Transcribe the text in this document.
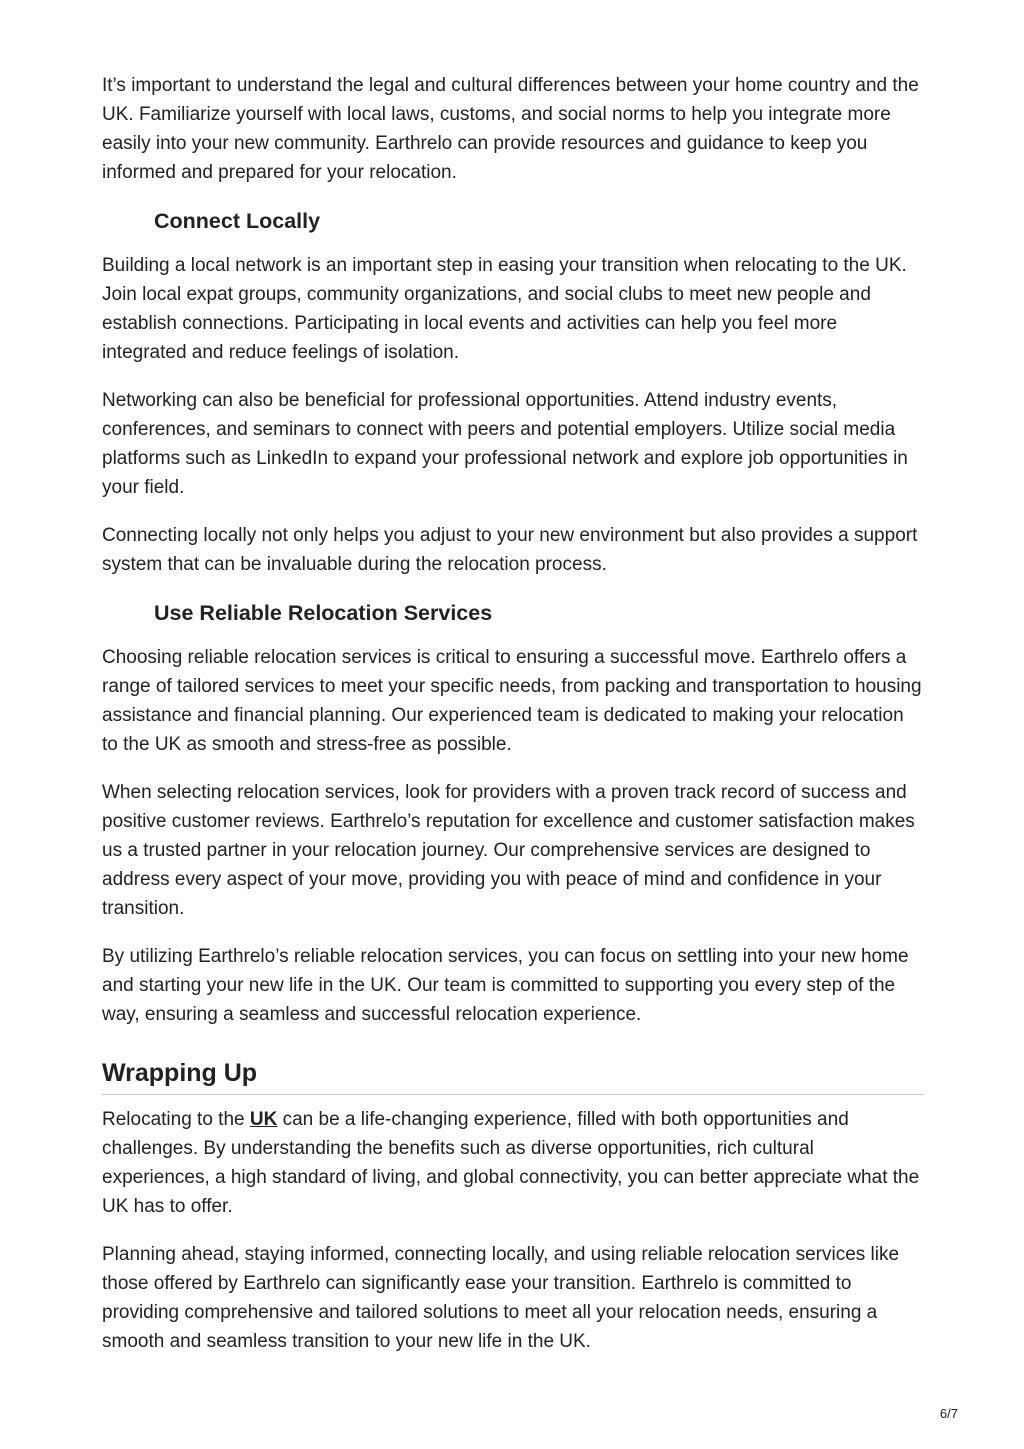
It’s important to understand the legal and cultural differences between your home country and the UK. Familiarize yourself with local laws, customs, and social norms to help you integrate more easily into your new community. Earthrelo can provide resources and guidance to keep you informed and prepared for your relocation.

Connect Locally

Building a local network is an important step in easing your transition when relocating to the UK. Join local expat groups, community organizations, and social clubs to meet new people and establish connections. Participating in local events and activities can help you feel more integrated and reduce feelings of isolation.

Networking can also be beneficial for professional opportunities. Attend industry events, conferences, and seminars to connect with peers and potential employers. Utilize social media platforms such as LinkedIn to expand your professional network and explore job opportunities in your field.

Connecting locally not only helps you adjust to your new environment but also provides a support system that can be invaluable during the relocation process.

Use Reliable Relocation Services

Choosing reliable relocation services is critical to ensuring a successful move. Earthrelo offers a range of tailored services to meet your specific needs, from packing and transportation to housing assistance and financial planning. Our experienced team is dedicated to making your relocation to the UK as smooth and stress-free as possible.

When selecting relocation services, look for providers with a proven track record of success and positive customer reviews. Earthrelo’s reputation for excellence and customer satisfaction makes us a trusted partner in your relocation journey. Our comprehensive services are designed to address every aspect of your move, providing you with peace of mind and confidence in your transition.

By utilizing Earthrelo’s reliable relocation services, you can focus on settling into your new home and starting your new life in the UK. Our team is committed to supporting you every step of the way, ensuring a seamless and successful relocation experience.

Wrapping Up

Relocating to the UK can be a life-changing experience, filled with both opportunities and challenges. By understanding the benefits such as diverse opportunities, rich cultural experiences, a high standard of living, and global connectivity, you can better appreciate what the UK has to offer.

Planning ahead, staying informed, connecting locally, and using reliable relocation services like those offered by Earthrelo can significantly ease your transition. Earthrelo is committed to providing comprehensive and tailored solutions to meet all your relocation needs, ensuring a smooth and seamless transition to your new life in the UK.

6/7
